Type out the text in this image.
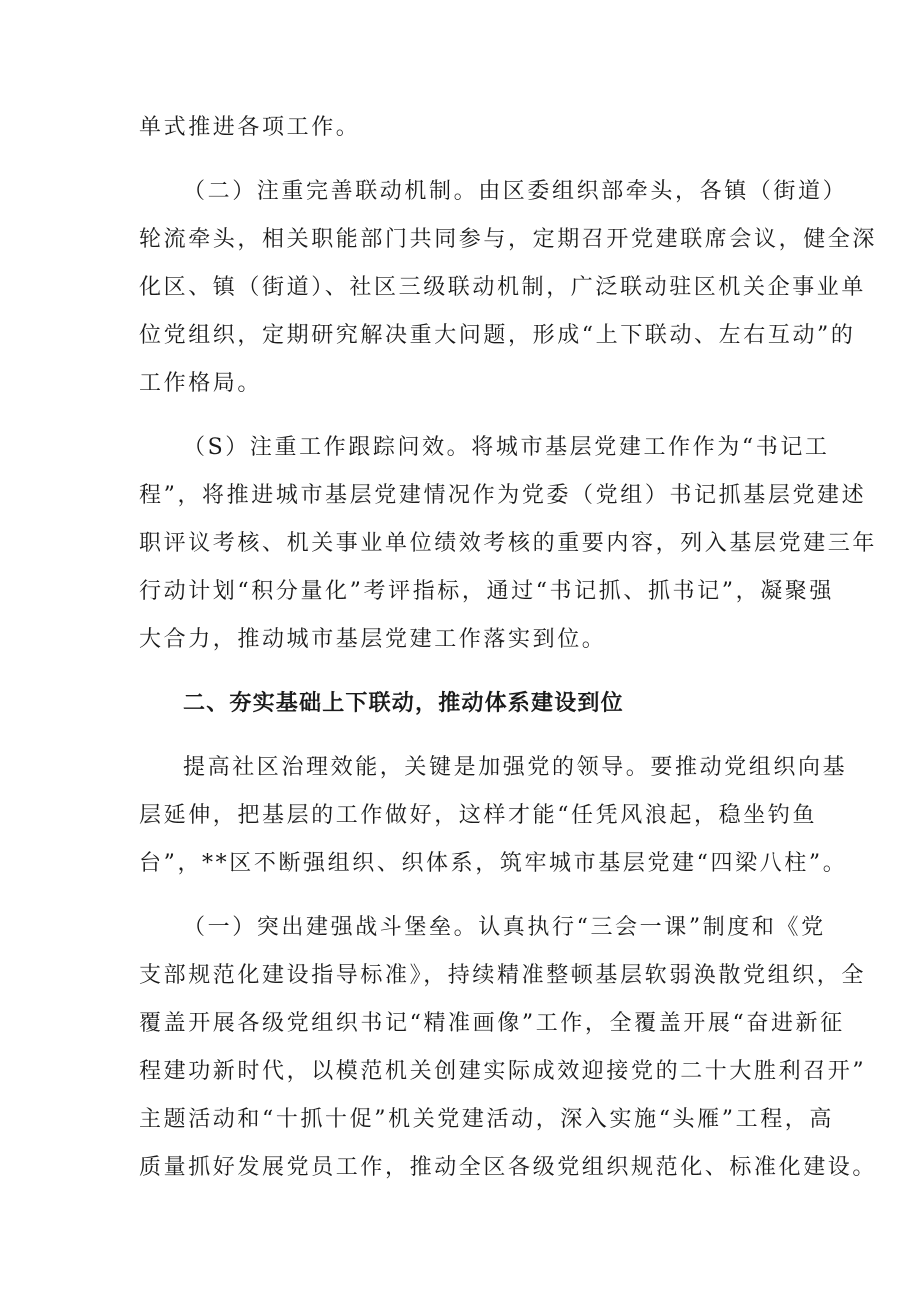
单式推进各项工作。
（二）注重完善联动机制。由区委组织部牵头，各镇（街道）
轮流牵头，相关职能部门共同参与，定期召开党建联席会议，健全深
化区、镇（街道）、社区三级联动机制，广泛联动驻区机关企事业单
位党组织，定期研究解决重大问题，形成“上下联动、左右互动”的
工作格局。
（S）注重工作跟踪问效。将城市基层党建工作作为“书记工
程”，将推进城市基层党建情况作为党委（党组）书记抓基层党建述
职评议考核、机关事业单位绩效考核的重要内容，列入基层党建三年
行动计划“积分量化”考评指标，通过“书记抓、抓书记”，凝聚强
大合力，推动城市基层党建工作落实到位。
二、夯实基础上下联动，推动体系建设到位
提高社区治理效能，关键是加强党的领导。要推动党组织向基
层延伸，把基层的工作做好，这样才能“任凭风浪起，稳坐钓鱼
台”，**区不断强组织、织体系，筑牢城市基层党建“四梁八柱”。
（一）突出建强战斗堡垒。认真执行“三会一课”制度和《党
支部规范化建设指导标准》，持续精准整顿基层软弱涣散党组织，全
覆盖开展各级党组织书记“精准画像”工作，全覆盖开展“奋进新征
程建功新时代，以模范机关创建实际成效迎接党的二十大胜利召开”
主题活动和“十抓十促”机关党建活动，深入实施“头雁”工程，高
质量抓好发展党员工作，推动全区各级党组织规范化、标准化建设。
